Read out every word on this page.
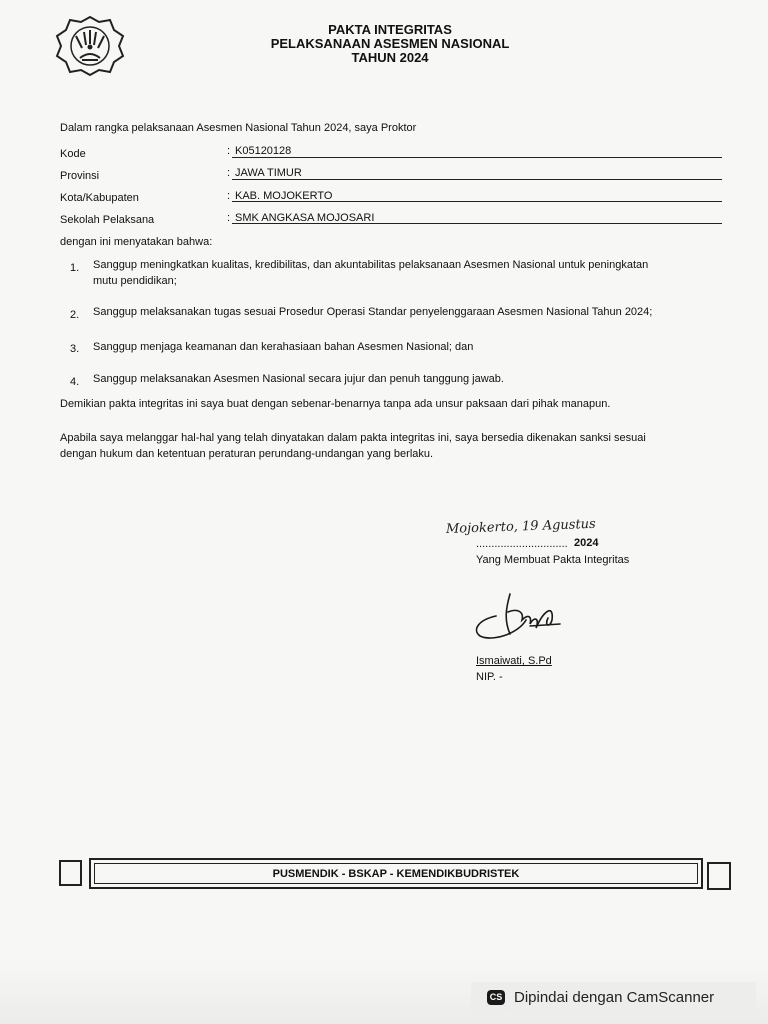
PAKTA INTEGRITAS
PELAKSANAAN ASESMEN NASIONAL
TAHUN 2024
Dalam rangka pelaksanaan Asesmen Nasional Tahun 2024, saya Proktor
Kode	: K05120128
Provinsi	: JAWA TIMUR
Kota/Kabupaten	: KAB. MOJOKERTO
Sekolah Pelaksana	: SMK ANGKASA MOJOSARI
dengan ini menyatakan bahwa:
1. Sanggup meningkatkan kualitas, kredibilitas, dan akuntabilitas pelaksanaan Asesmen Nasional untuk peningkatan
mutu pendidikan;
2. Sanggup melaksanakan tugas sesuai Prosedur Operasi Standar penyelenggaraan Asesmen Nasional Tahun 2024;
3. Sanggup menjaga keamanan dan kerahasiaan bahan Asesmen Nasional; dan
4. Sanggup melaksanakan Asesmen Nasional secara jujur dan penuh tanggung jawab.
Demikian pakta integritas ini saya buat dengan sebenar-benarnya tanpa ada unsur paksaan dari pihak manapun.
Apabila saya melanggar hal-hal yang telah dinyatakan dalam pakta integritas ini, saya bersedia dikenakan sanksi sesuai
dengan hukum dan ketentuan peraturan perundang-undangan yang berlaku.
Mojokerto, 19 Agustus
.............................. 2024
Yang Membuat Pakta Integritas
Ismaiwati, S.Pd
NIP. -
PUSMENDIK - BSKAP - KEMENDIKBUDRISTEK
CS Dipindai dengan CamScanner
